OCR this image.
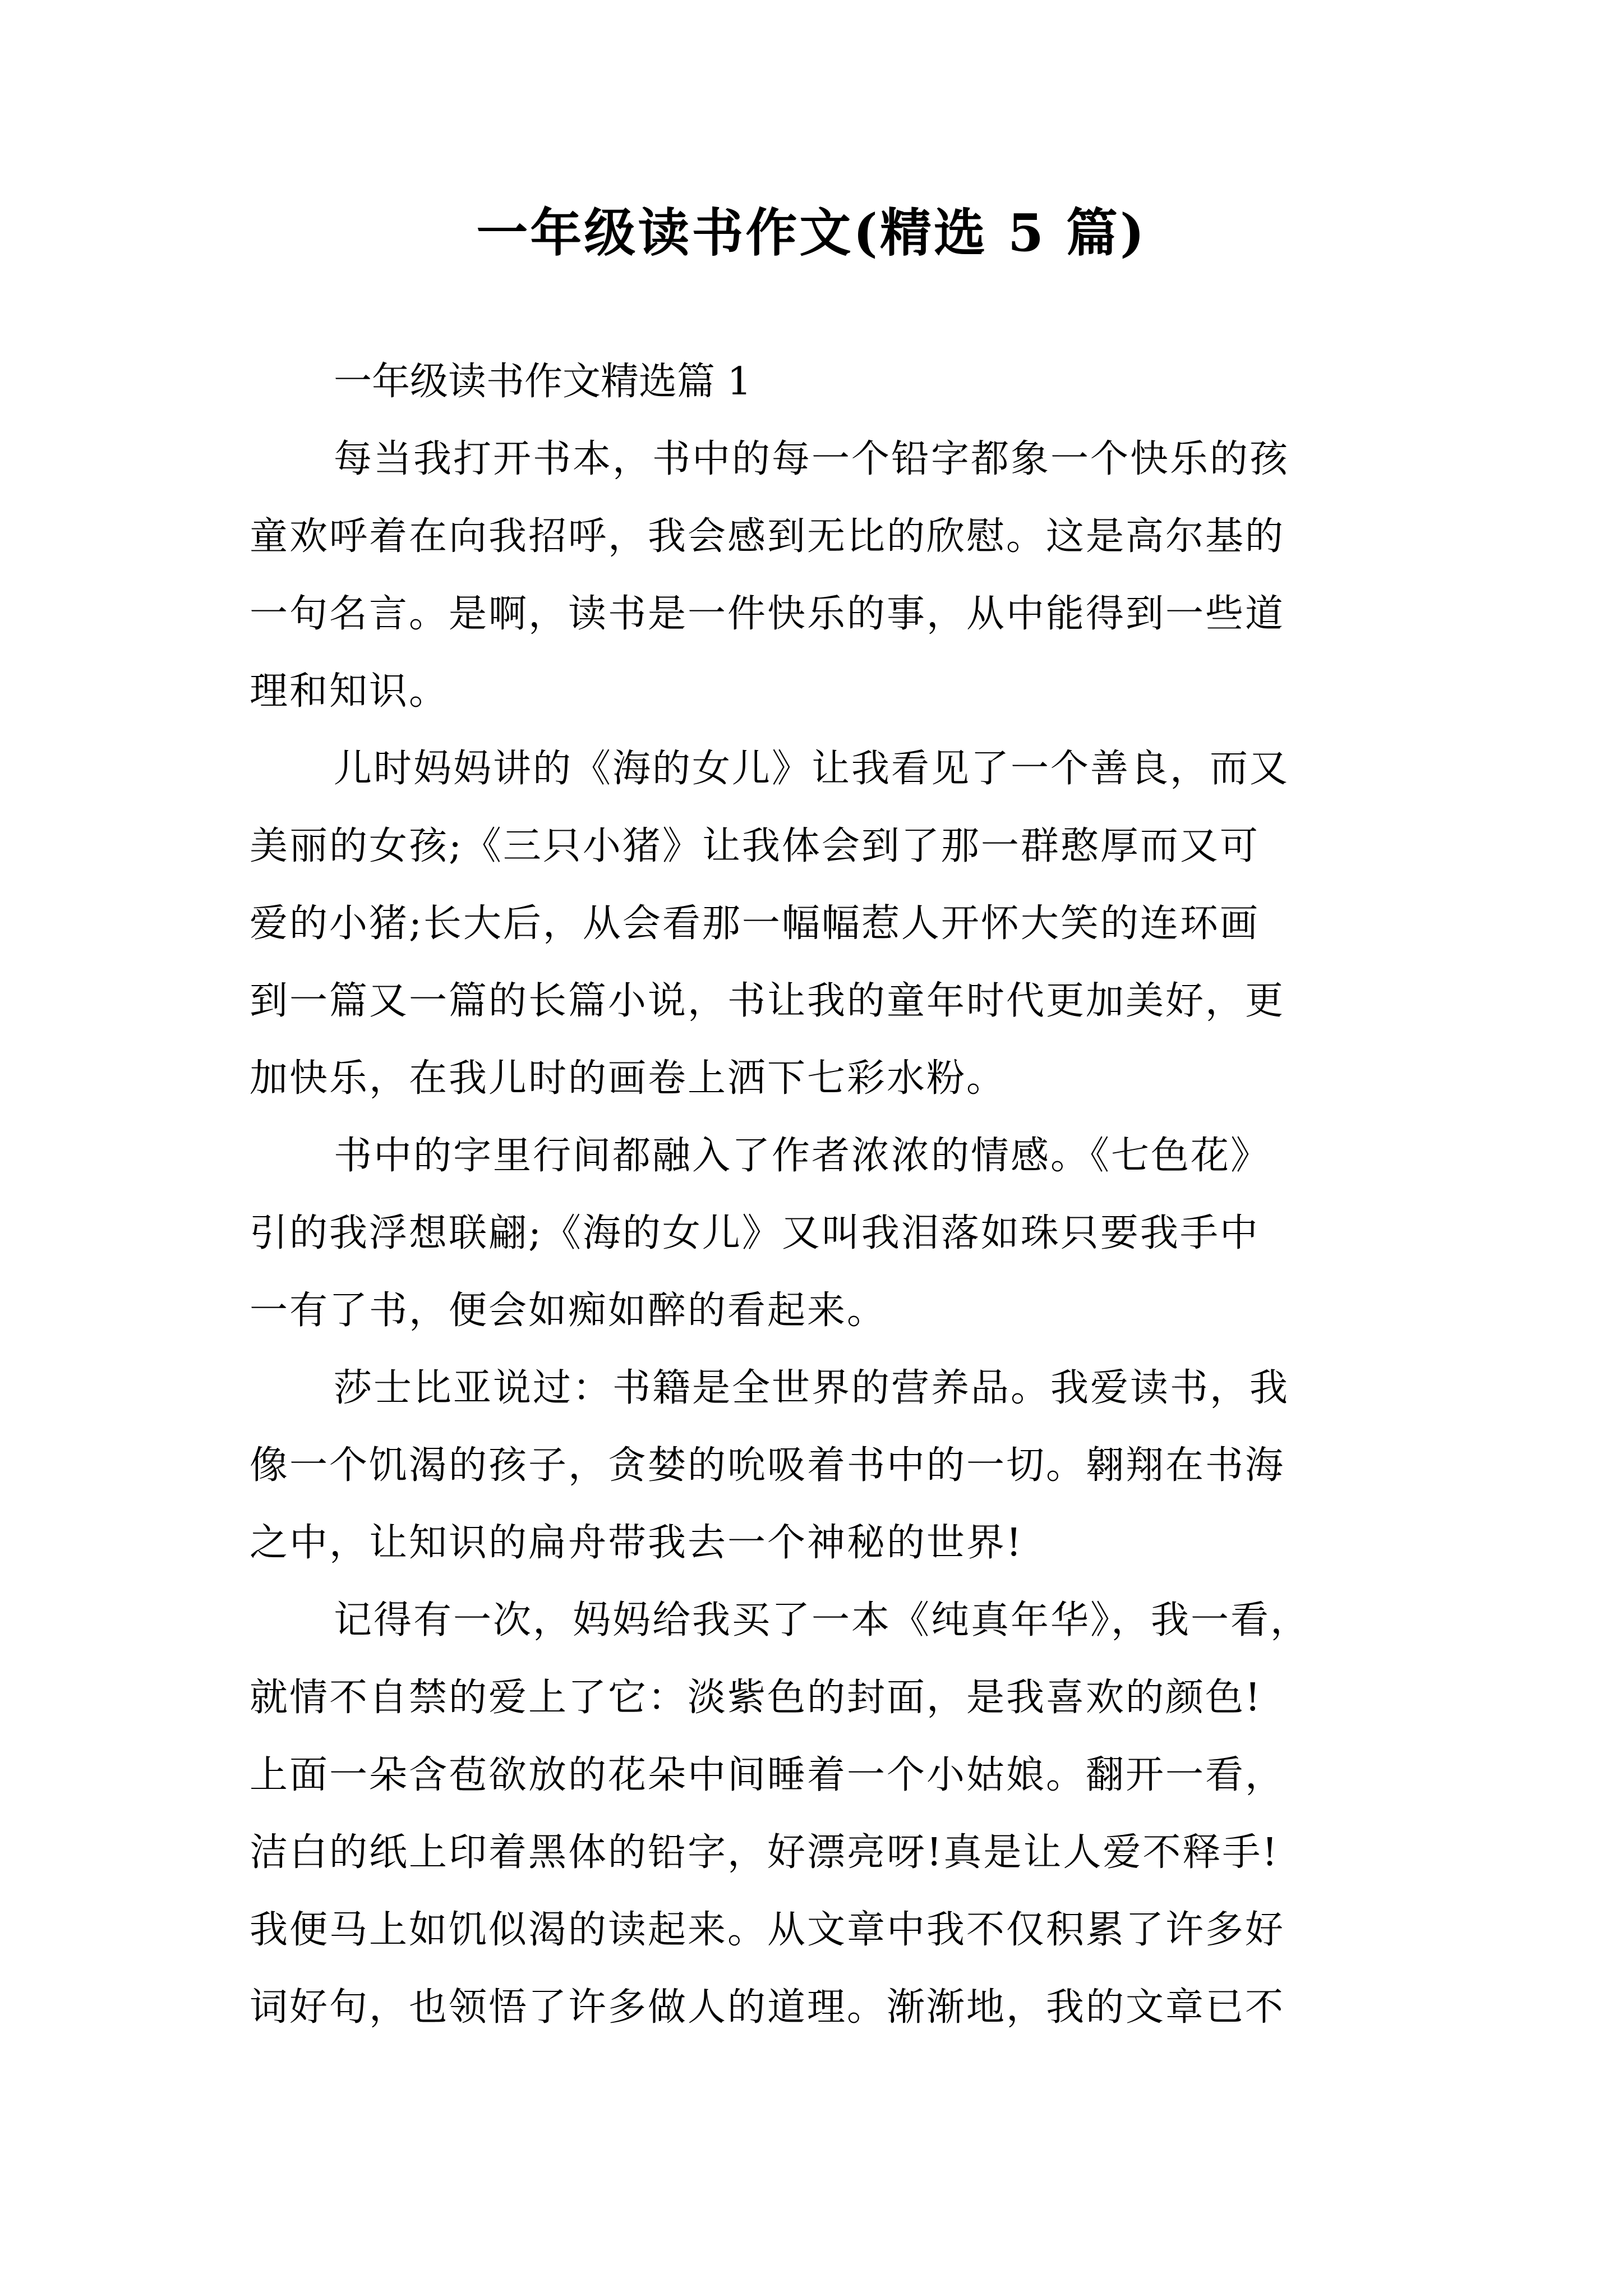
一年级读书作文(精选 5 篇)
一年级读书作文精选篇 1
每当我打开书本，书中的每一个铅字都象一个快乐的孩
童欢呼着在向我招呼，我会感到无比的欣慰。这是高尔基的
一句名言。是啊，读书是一件快乐的事，从中能得到一些道
理和知识。
儿时妈妈讲的《海的女儿》让我看见了一个善良，而又
美丽的女孩;《三只小猪》让我体会到了那一群憨厚而又可
爱的小猪;长大后，从会看那一幅幅惹人开怀大笑的连环画
到一篇又一篇的长篇小说，书让我的童年时代更加美好，更
加快乐，在我儿时的画卷上洒下七彩水粉。
书中的字里行间都融入了作者浓浓的情感。《七色花》
引的我浮想联翩;《海的女儿》又叫我泪落如珠只要我手中
一有了书，便会如痴如醉的看起来。
莎士比亚说过：书籍是全世界的营养品。我爱读书，我
像一个饥渴的孩子，贪婪的吮吸着书中的一切。翱翔在书海
之中，让知识的扁舟带我去一个神秘的世界!
记得有一次，妈妈给我买了一本《纯真年华》，我一看，
就情不自禁的爱上了它：淡紫色的封面，是我喜欢的颜色!
上面一朵含苞欲放的花朵中间睡着一个小姑娘。翻开一看，
洁白的纸上印着黑体的铅字，好漂亮呀!真是让人爱不释手!
我便马上如饥似渴的读起来。从文章中我不仅积累了许多好
词好句，也领悟了许多做人的道理。渐渐地，我的文章已不
